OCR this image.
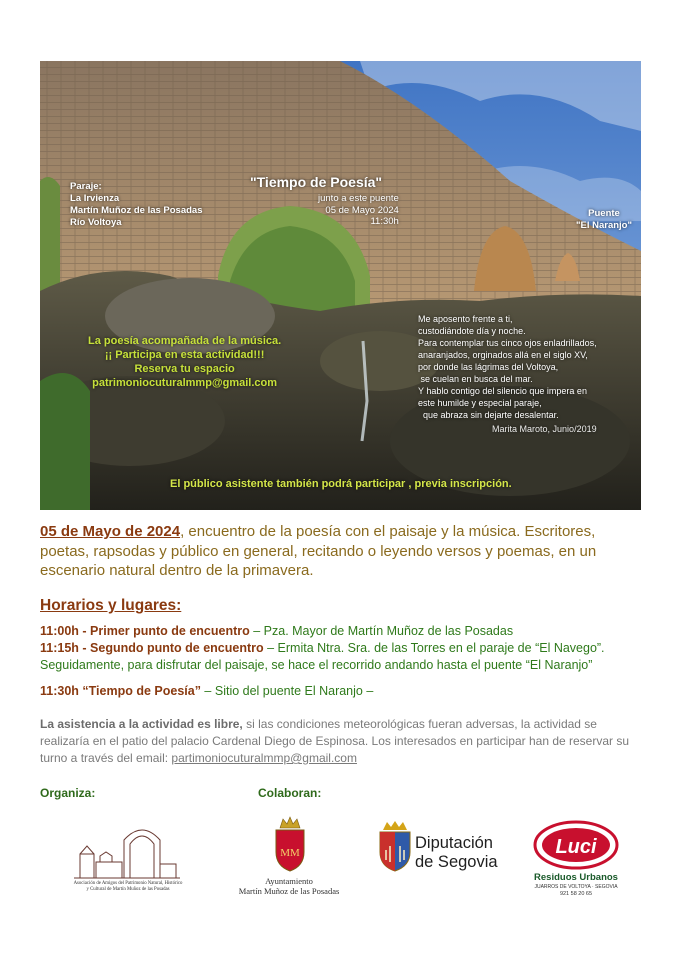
Paraje:
La Irvienza
Martín Muñoz de las Posadas
Río Voltoya
"Tiempo de Poesía"
junto a este puente
05 de Mayo 2024
11:30h
Puente
"El Naranjo"
La poesía acompañada de la música.
¡¡ Participa en esta actividad!!!
Reserva tu espacio
patrimoniocuturalmmp@gmail.com
Me aposento frente a ti,
custodiándote día y noche.
Para contemplar tus cinco ojos enladrillados,
anaranjados, orginados allá en el siglo XV,
por donde las lágrimas del Voltoya,
se cuelan en busca del mar.
Y hablo contigo del silencio que impera en
este humilde y especial paraje,
que abraza sin dejarte desalentar.
Marita Maroto, Junio/2019
El público asistente también podrá participar , previa inscripción.

05 de Mayo de 2024, encuentro de la poesía con el paisaje y la música. Escritores, poetas, rapsodas y público en general, recitando o leyendo versos y poemas, en un escenario natural dentro de la primavera.

Horarios y lugares:
11:00h - Primer punto de encuentro – Pza. Mayor de Martín Muñoz de las Posadas
11:15h - Segundo punto de encuentro – Ermita Ntra. Sra. de las Torres en el paraje de “El Navego”.
Seguidamente, para disfrutar del paisaje, se hace el recorrido andando hasta el puente “El Naranjo”
11:30h “Tiempo de Poesía” – Sitio del puente El Naranjo –

La asistencia a la actividad es libre, si las condiciones meteorológicas fueran adversas, la actividad se realizaría en el patio del palacio Cardenal Diego de Espinosa. Los interesados en participar han de reservar su turno a través del email: partimoniocuturalmmp@gmail.com

Organiza:	Colaboran:
Asociación de Amigos del Patrimonio Natural, Histórico
y Cultural de Martín Muñoz de las Posadas
MM
Ayuntamiento
Martín Muñoz de las Posadas
Diputación
de Segovia
Luci
Residuos Urbanos
JUARROS DE VOLTOYA · SEGOVIA
921 58 20 65
